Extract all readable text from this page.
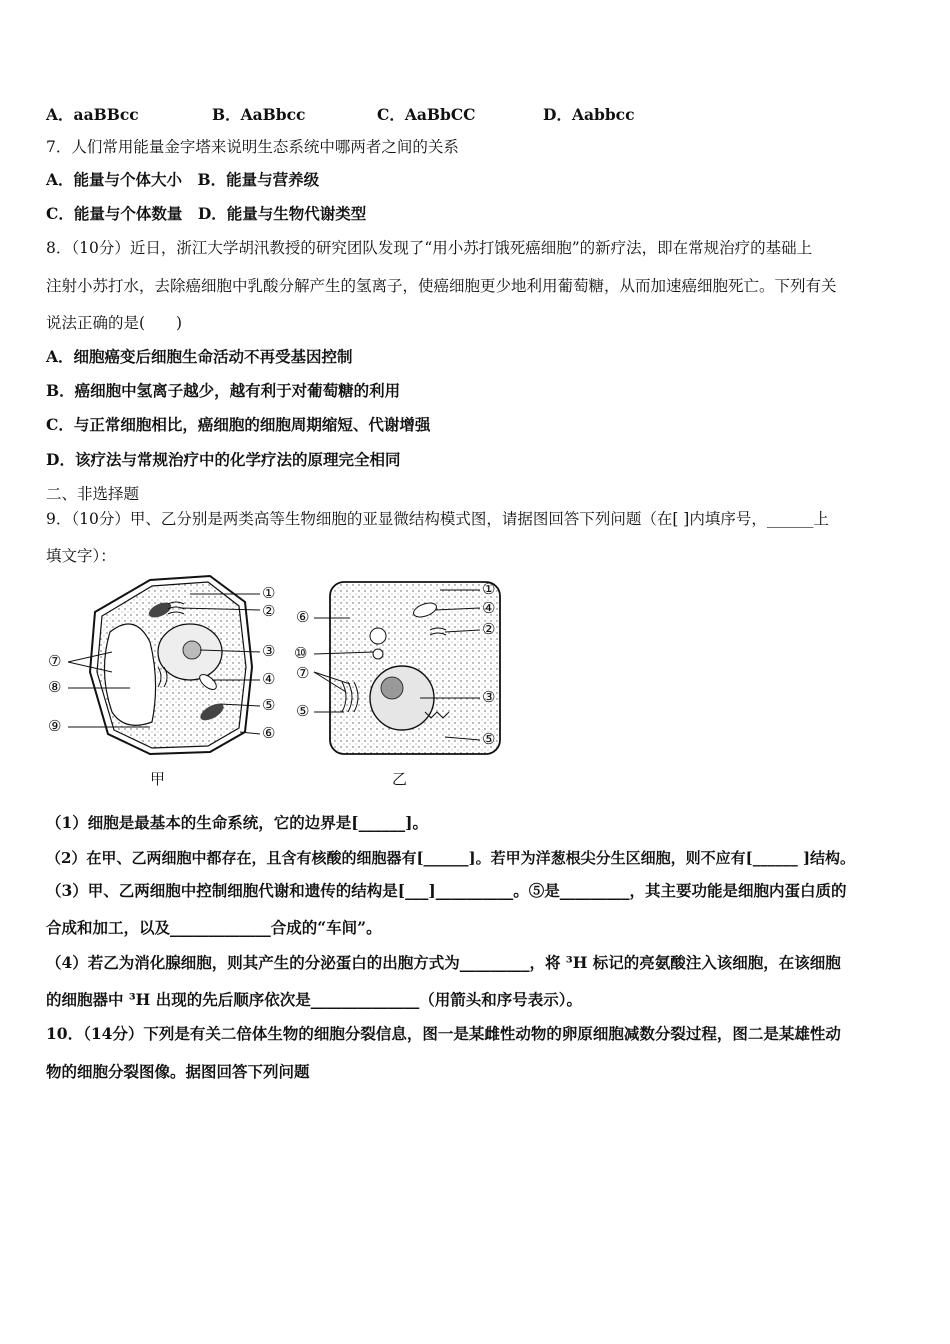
A．aaBBcc	B．AaBbcc	C．AaBbCC	D．Aabbcc
7．人们常用能量金字塔来说明生态系统中哪两者之间的关系
A．能量与个体大小　B．能量与营养级
C．能量与个体数量　D．能量与生物代谢类型
8．（10分）近日，浙江大学胡汛教授的研究团队发现了“用小苏打饿死癌细胞”的新疗法，即在常规治疗的基础上
注射小苏打水，去除癌细胞中乳酸分解产生的氢离子，使癌细胞更少地利用葡萄糖，从而加速癌细胞死亡。下列有关
说法正确的是(　　)
A．细胞癌变后细胞生命活动不再受基因控制
B．癌细胞中氢离子越少，越有利于对葡萄糖的利用
C．与正常细胞相比，癌细胞的细胞周期缩短、代谢增强
D．该疗法与常规治疗中的化学疗法的原理完全相同
二、非选择题
9．（10分）甲、乙分别是两类高等生物细胞的亚显微结构模式图，请据图回答下列问题（在[ ]内填序号，______上
填文字）：
①
②
③
④
⑤
⑥
⑦
⑧
⑨
甲
①
④
②
⑥
⑩
⑦
③
⑤
⑤
乙
（1）细胞是最基本的生命系统，它的边界是[______]。
（2）在甲、乙两细胞中都存在，且含有核酸的细胞器有[______]。若甲为洋葱根尖分生区细胞，则不应有[______ ]结构。
（3）甲、乙两细胞中控制细胞代谢和遗传的结构是[___]__________。⑤是_________，其主要功能是细胞内蛋白质的
合成和加工，以及_____________合成的“车间”。
（4）若乙为消化腺细胞，则其产生的分泌蛋白的出胞方式为_________，将 ³H 标记的亮氨酸注入该细胞，在该细胞
的细胞器中 ³H 出现的先后顺序依次是______________（用箭头和序号表示）。
10．（14分）下列是有关二倍体生物的细胞分裂信息，图一是某雌性动物的卵原细胞减数分裂过程，图二是某雄性动
物的细胞分裂图像。据图回答下列问题
